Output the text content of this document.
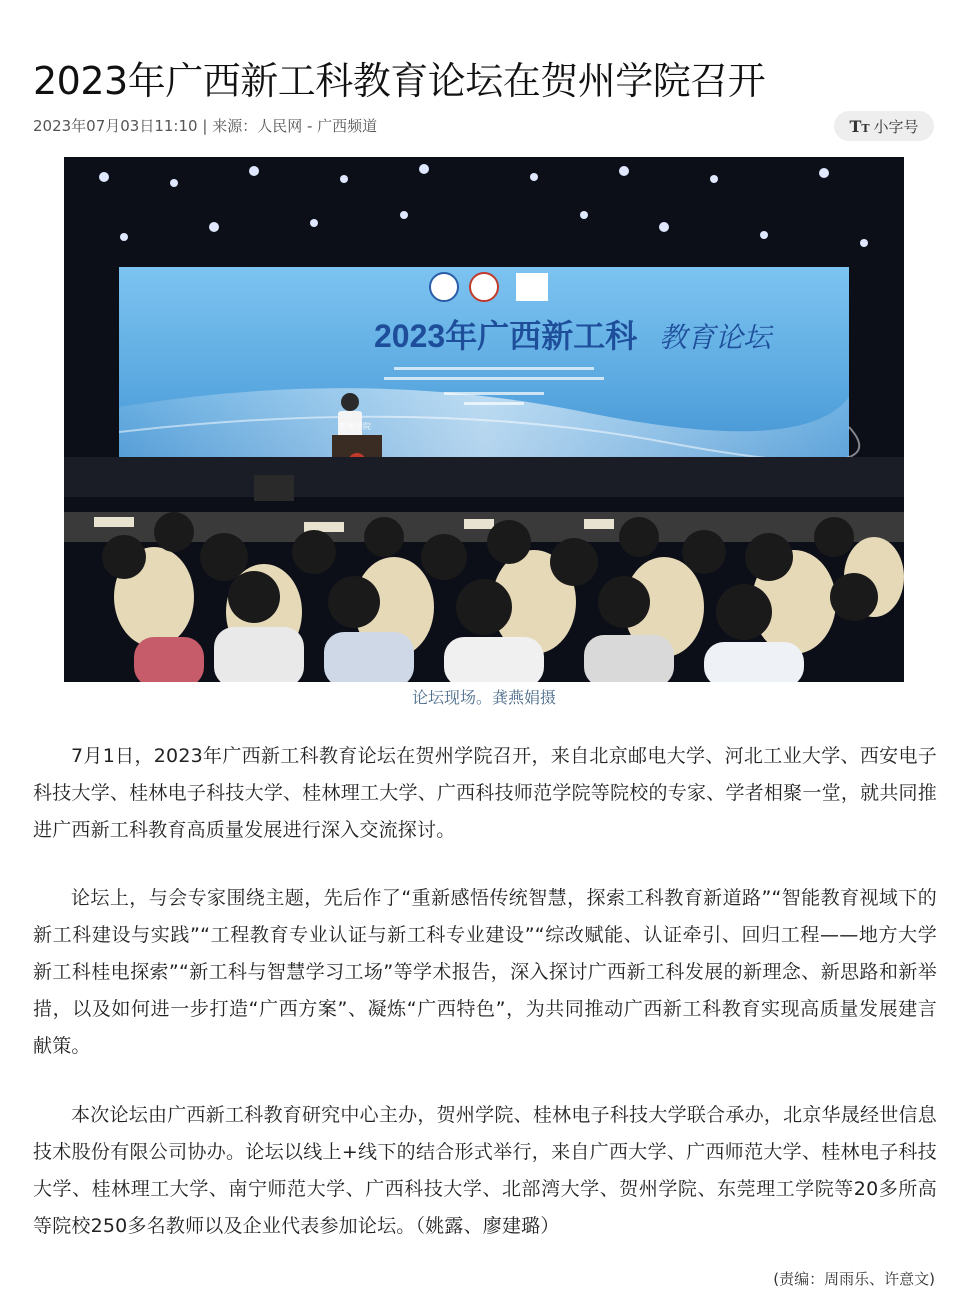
2023年广西新工科教育论坛在贺州学院召开
2023年07月03日11:10 | 来源：人民网 - 广西频道	TT 小字号
2023年广西新工科 教育论坛
贺州学院
论坛现场。龚燕娟摄

7月1日，2023年广西新工科教育论坛在贺州学院召开，来自北京邮电大学、河北工业大学、西安电子科技大学、桂林电子科技大学、桂林理工大学、广西科技师范学院等院校的专家、学者相聚一堂，就共同推进广西新工科教育高质量发展进行深入交流探讨。

论坛上，与会专家围绕主题，先后作了“重新感悟传统智慧，探索工科教育新道路”“智能教育视域下的新工科建设与实践”“工程教育专业认证与新工科专业建设”“综改赋能、认证牵引、回归工程——地方大学新工科桂电探索”“新工科与智慧学习工场”等学术报告，深入探讨广西新工科发展的新理念、新思路和新举措，以及如何进一步打造“广西方案”、凝炼“广西特色”，为共同推动广西新工科教育实现高质量发展建言献策。

本次论坛由广西新工科教育研究中心主办，贺州学院、桂林电子科技大学联合承办，北京华晟经世信息技术股份有限公司协办。论坛以线上+线下的结合形式举行，来自广西大学、广西师范大学、桂林电子科技大学、桂林理工大学、南宁师范大学、广西科技大学、北部湾大学、贺州学院、东莞理工学院等20多所高等院校250多名教师以及企业代表参加论坛。（姚露、廖建璐）

(责编：周雨乐、许意文)
